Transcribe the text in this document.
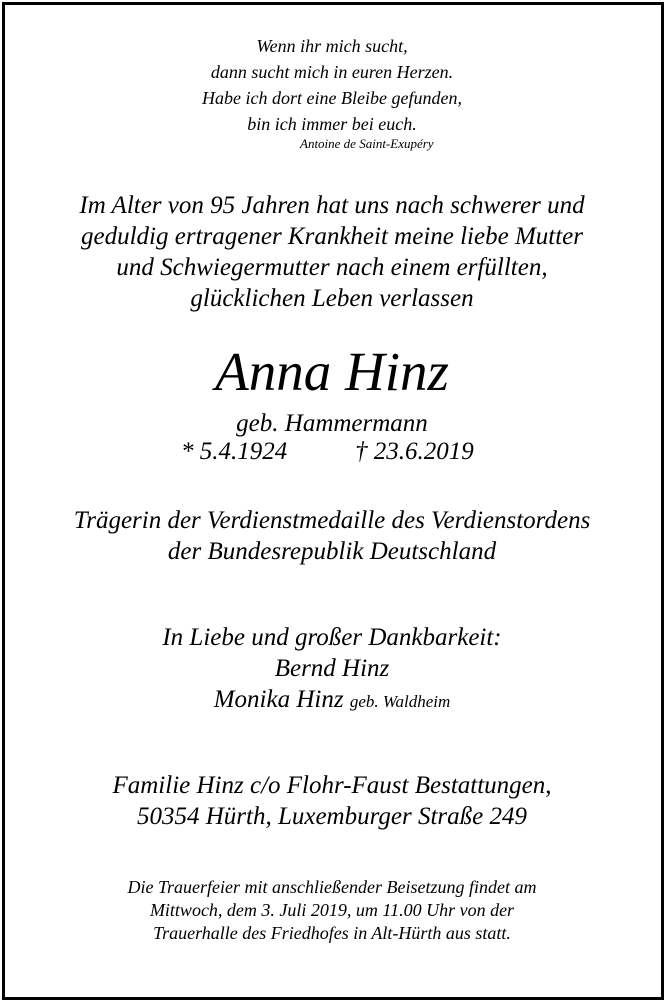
Wenn ihr mich sucht,
dann sucht mich in euren Herzen.
Habe ich dort eine Bleibe gefunden,
bin ich immer bei euch.
Antoine de Saint-Exupéry
Im Alter von 95 Jahren hat uns nach schwerer und
geduldig ertragener Krankheit meine liebe Mutter
und Schwiegermutter nach einem erfüllten,
glücklichen Leben verlassen
Anna Hinz
geb. Hammermann
* 5.4.1924	† 23.6.2019
Trägerin der Verdienstmedaille des Verdienstordens
der Bundesrepublik Deutschland
In Liebe und großer Dankbarkeit:
Bernd Hinz
Monika Hinz geb. Waldheim
Familie Hinz c/o Flohr-Faust Bestattungen,
50354 Hürth, Luxemburger Straße 249
Die Trauerfeier mit anschließender Beisetzung findet am
Mittwoch, dem 3. Juli 2019, um 11.00 Uhr von der
Trauerhalle des Friedhofes in Alt-Hürth aus statt.
